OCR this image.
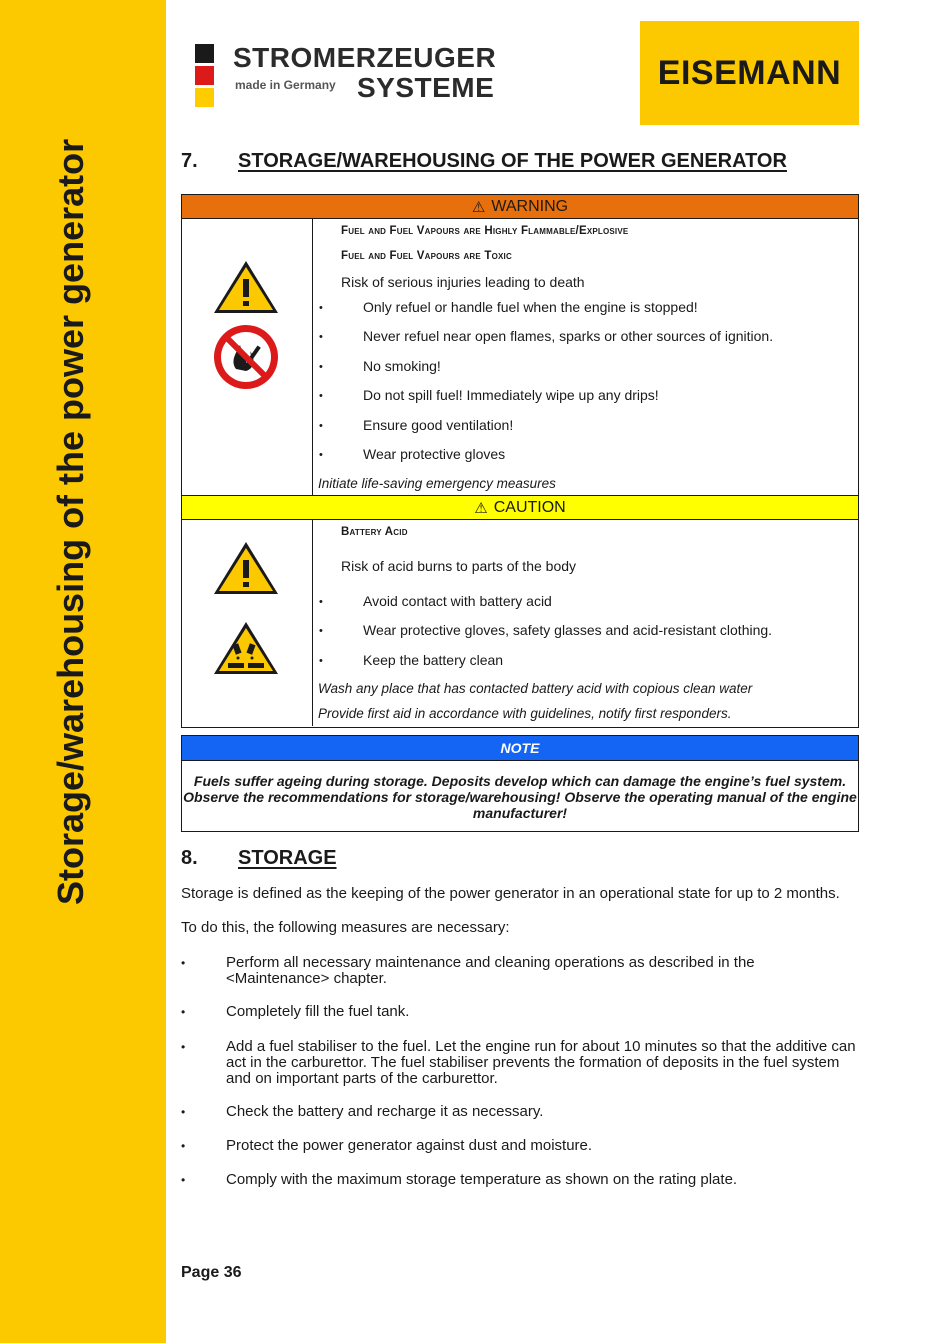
Storage/warehousing of the power generator
STROMERZEUGER
made in Germany SYSTEME	EISEMANN
7. STORAGE/WAREHOUSING OF THE POWER GENERATOR
⚠ WARNING
Fuel and Fuel Vapours are Highly Flammable/Explosive
Fuel and Fuel Vapours are Toxic
Risk of serious injuries leading to death
•	Only refuel or handle fuel when the engine is stopped!
•	Never refuel near open flames, sparks or other sources of ignition.
•	No smoking!
•	Do not spill fuel! Immediately wipe up any drips!
•	Ensure good ventilation!
•	Wear protective gloves
Initiate life-saving emergency measures
⚠ CAUTION
Battery Acid
Risk of acid burns to parts of the body
•	Avoid contact with battery acid
•	Wear protective gloves, safety glasses and acid-resistant clothing.
•	Keep the battery clean
Wash any place that has contacted battery acid with copious clean water
Provide first aid in accordance with guidelines, notify first responders.
NOTE
Fuels suffer ageing during storage. Deposits develop which can damage the engine’s fuel system.
Observe the recommendations for storage/warehousing! Observe the operating manual of the engine
manufacturer!
8. STORAGE
Storage is defined as the keeping of the power generator in an operational state for up to 2 months.
To do this, the following measures are necessary:
•	Perform all necessary maintenance and cleaning operations as described in the <Maintenance> chapter.
•	Completely fill the fuel tank.
•	Add a fuel stabiliser to the fuel. Let the engine run for about 10 minutes so that the additive can act in the carburettor. The fuel stabiliser prevents the formation of deposits in the fuel system and on important parts of the carburettor.
•	Check the battery and recharge it as necessary.
•	Protect the power generator against dust and moisture.
•	Comply with the maximum storage temperature as shown on the rating plate.
Page 36
